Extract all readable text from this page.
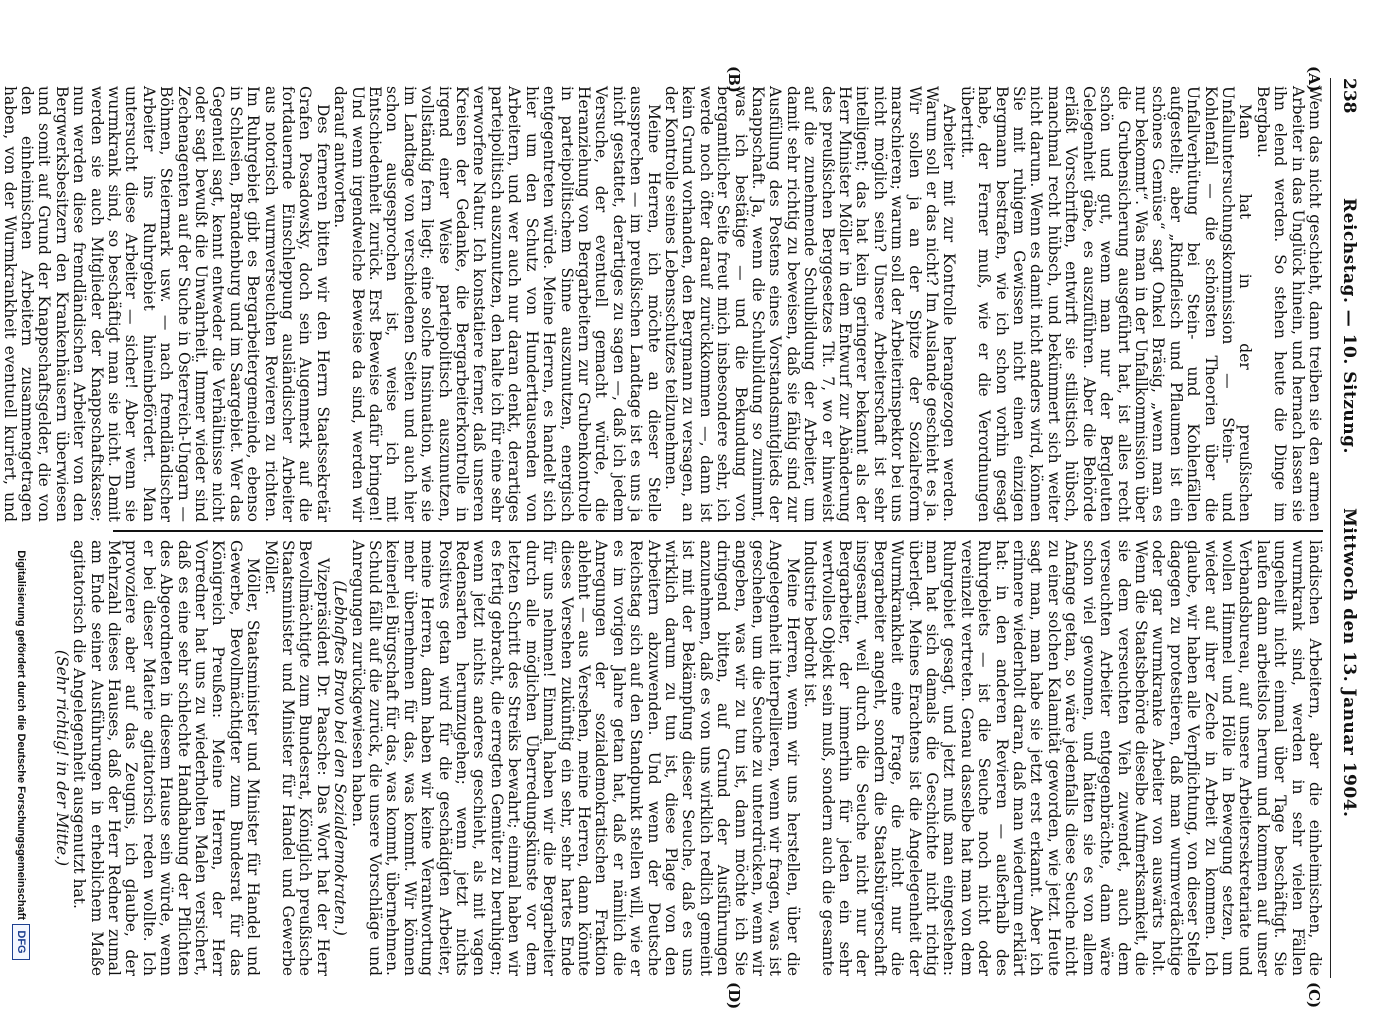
238
Reichstag. — 10. Sitzung.
Mittwoch den 13. Januar 1904.
(A)
(B)
(C)
(D)

Wenn das nicht geschieht, dann treiben sie den armen Arbeiter in das Unglück hinein, und hernach lassen sie ihn elend werden. So stehen heute die Dinge im Bergbau.

Man hat in der preußischen Unfalluntersuchungskommission — Stein- und Kohlenfall — die schönsten Theorien über die Unfallverhütung bei Stein- und Kohlenfällen aufgestellt; aber „Rindfleisch und Pflaumen ist ein schönes Gemüse“ sagt Onkel Bräsig, „wenn man es nur bekommt“. Was man in der Unfallkommission über die Grubensicherung ausgeführt hat, ist alles recht schön und gut, wenn man nur der Bergleuten Gelegenheit gäbe, es auszuführen. Aber die Behörde erläßt Vorschriften, entwirft sie stilistisch hübsch, manchmal recht hübsch, und bekümmert sich weiter nicht darum. Wenn es damit nicht anders wird, können Sie mit ruhigem Gewissen nicht einen einzigen Bergmann bestrafen, wie ich schon vorhin gesagt habe, der Ferner muß, wie er die Verordnungen übertritt.

Arbeiter mit zur Kontrolle herangezogen werden. Warum soll er das nicht? Im Auslande geschieht es ja. Wir sollen ja an der Spitze der Sozialreform marschieren; warum soll der Arbeiterinspektor bei uns nicht möglich sein? Unsere Arbeiterschaft ist sehr intelligent; das hat kein geringerer bekannt als der Herr Minister Möller in dem Entwurf zur Abänderung des preußischen Berggesetzes Tit. 7, wo er hinweist auf die zunehmende Schulbildung der Arbeiter, um damit sehr richtig zu beweisen, daß sie fähig sind zur Ausfüllung des Postens eines Vorstandsmitglieds der Knappschaft. Ja, wenn die Schulbildung so zunimmt, was ich bestätige — und die Bekundung von bergamtlicher Seite freut mich insbesondere sehr, ich werde noch öfter darauf zurückkommen —, dann ist kein Grund vorhanden, den Bergmann zu versagen, an der Kontrolle seines Lebensschutzes teilzunehmen.

Meine Herren, ich möchte an dieser Stelle aussprechen — im preußischen Landtage ist es uns ja nicht gestattet, derartiges zu sagen —, daß ich jedem Versuche, der eventuell gemacht würde, die Heranziehung von Bergarbeitern zur Grubenkontrolle in parteipolitischem Sinne auszunutzen, energisch entgegentreten würde. Meine Herren, es handelt sich hier um den Schutz von Hunderttausenden von Arbeitern, und wer auch nur daran denkt, derartiges parteipolitisch auszunutzen, den halte ich für eine sehr verworfene Natur. Ich konstatiere ferner, daß unseren Kreisen der Gedanke, die Bergarbeiterkontrolle in irgend einer Weise parteipolitisch auszunutzen, vollständig fern liegt; eine solche Insinuation, wie sie im Landtage von verschiedenen Seiten und auch hier schon ausgesprochen ist, weise ich mit Entschiedenheit zurück. Erst Beweise dafür bringen! Und wenn irgendwelche Beweise da sind, werden wir darauf antworten.

Des ferneren bitten wir den Herrn Staatssekretär Grafen Posadowsky, doch sein Augenmerk auf die fortdauernde Einschleppung ausländischer Arbeiter aus notorisch wurmverseuchten Revieren zu richten. Im Ruhrgebiet gibt es Bergarbeitergemeinde, ebenso in Schlesien, Brandenburg und im Saargebiet. Wer das Gegenteil sagt, kennt entweder die Verhältnisse nicht oder sagt bewußt die Unwahrheit. Immer wieder sind Zechenagenten auf der Suche in Österreich-Ungarn — Böhmen, Steiermark usw. — nach fremdländischer Arbeiter ins Ruhrgebiet hineinbefördert. Man untersucht diese Arbeiter — sicher! Aber wenn sie wurmkrank sind, so beschäftigt man sie nicht. Damit werden sie auch Mitglieder der Knappschaftskasse; nun werden diese fremdländischen Arbeiter von den Bergwerksbesitzern den Krankenhäusern überwiesen und somit auf Grund der Knappschaftsgelder, die von den einheimischen Arbeitern zusammengetragen haben, von der Wurmkrankheit eventuell kuriert, und

ländischen Arbeitern, aber die einheimischen, die wurmkrank sind, werden in sehr vielen Fällen ungeheilt nicht einmal über Tage beschäftigt. Sie laufen dann arbeitslos herum und kommen auf unser Verbandsbureau, auf unsere Arbeitersekretariate und wollen Himmel und Hölle in Bewegung setzen, um wieder auf ihrer Zeche in Arbeit zu kommen. Ich glaube, wir haben alle Verpflichtung, von dieser Stelle dagegen zu protestieren, daß man wurmverdächtige oder gar wurmkranke Arbeiter von auswärts holt. Wenn die Staatsbehörde dieselbe Aufmerksamkeit, die sie dem verseuchten Vieh zuwendet, auch dem verseuchten Arbeiter entgegenbrächte, dann wäre schon viel gewonnen, und hätten sie es von allem Anfange getan, so wäre jedenfalls diese Seuche nicht zu einer solchen Kalamität geworden, wie jetzt. Heute sagt man, man habe sie jetzt erst erkannt. Aber ich erinnere wiederholt daran, daß man wiederum erklärt hat: in den anderen Revieren — außerhalb des Ruhrgebiets — ist die Seuche noch nicht oder vereinzelt vertreten. Genau dasselbe hat man von dem Ruhrgebiet gesagt, und jetzt muß man eingestehen: man hat sich damals die Geschichte nicht richtig überlegt. Meines Erachtens ist die Angelegenheit der Wurmkrankheit eine Frage, die nicht nur die Bergarbeiter angeht, sondern die Staatsbürgerschaft insgesamt, weil durch die Seuche nicht nur der Bergarbeiter, der immerhin für jeden ein sehr wertvolles Objekt sein muß, sondern auch die gesamte Industrie bedroht ist.

Meine Herren, wenn wir uns herstellen, über die Angelegenheit interpellieren, wenn wir fragen, was ist geschehen, um die Seuche zu unterdrücken, wenn wir angeben, was wir zu tun ist, dann möchte ich Sie dringend bitten, auf Grund der Ausführungen anzunehmen, daß es von uns wirklich redlich gemeint ist mit der Bekämpfung dieser Seuche, daß es uns wirklich darum zu tun ist, diese Plage von den Arbeitern abzuwenden. Und wenn der Deutsche Reichstag sich auf den Standpunkt stellen will, wie er es im vorigen Jahre getan hat, daß er nämlich die Anregungen der sozialdemokratischen Fraktion ablehnt — aus Versehen, meine Herren, dann könnte dieses Versehen zukünftig ein sehr, sehr hartes Ende für uns nehmen! Einmal haben wir die Bergarbeiter durch alle möglichen Überredungskünste vor dem letzten Schritt des Streiks bewahrt; einmal haben wir es fertig gebracht, die erregten Gemüter zu beruhigen; wenn jetzt nichts anderes geschieht, als mit vagen Redensarten herumzugehen; wenn jetzt nichts Positives getan wird für die geschädigten Arbeiter, meine Herren, dann haben wir keine Verantwortung mehr übernehmen für das, was kommt. Wir können keinerlei Bürgschaft für das, was kommt, übernehmen. Schuld fällt auf die zurück, die unsere Vorschläge und Anregungen zurückgewiesen haben.

(Lebhaftes Bravo bei den Sozialdemokraten.)

Vizepräsident Dr. Paasche: Das Wort hat der Herr Bevollmächtigte zum Bundesrat, Königlich preußische Staatsminister und Minister für Handel und Gewerbe Möller.

Möller, Staatsminister und Minister für Handel und Gewerbe, Bevollmächtigter zum Bundesrat für das Königreich Preußen: Meine Herren, der Herr Vorredner hat uns zu wiederholten Malen versichert, daß es eine sehr schlechte Handhabung der Pflichten des Abgeordneten in diesem Hause sein würde, wenn er bei dieser Materie agitatorisch reden wollte. Ich provoziere aber auf das Zeugnis, ich glaube, der Mehrzahl dieses Hauses, daß der Herr Redner zumal am Ende seiner Ausführungen in erheblichem Maße agitatorisch die Angelegenheit ausgenutzt hat.

(Sehr richtig! in der Mitte.)

Digitalisierung gefördert durch die Deutsche Forschungsgemeinschaft
DFG
